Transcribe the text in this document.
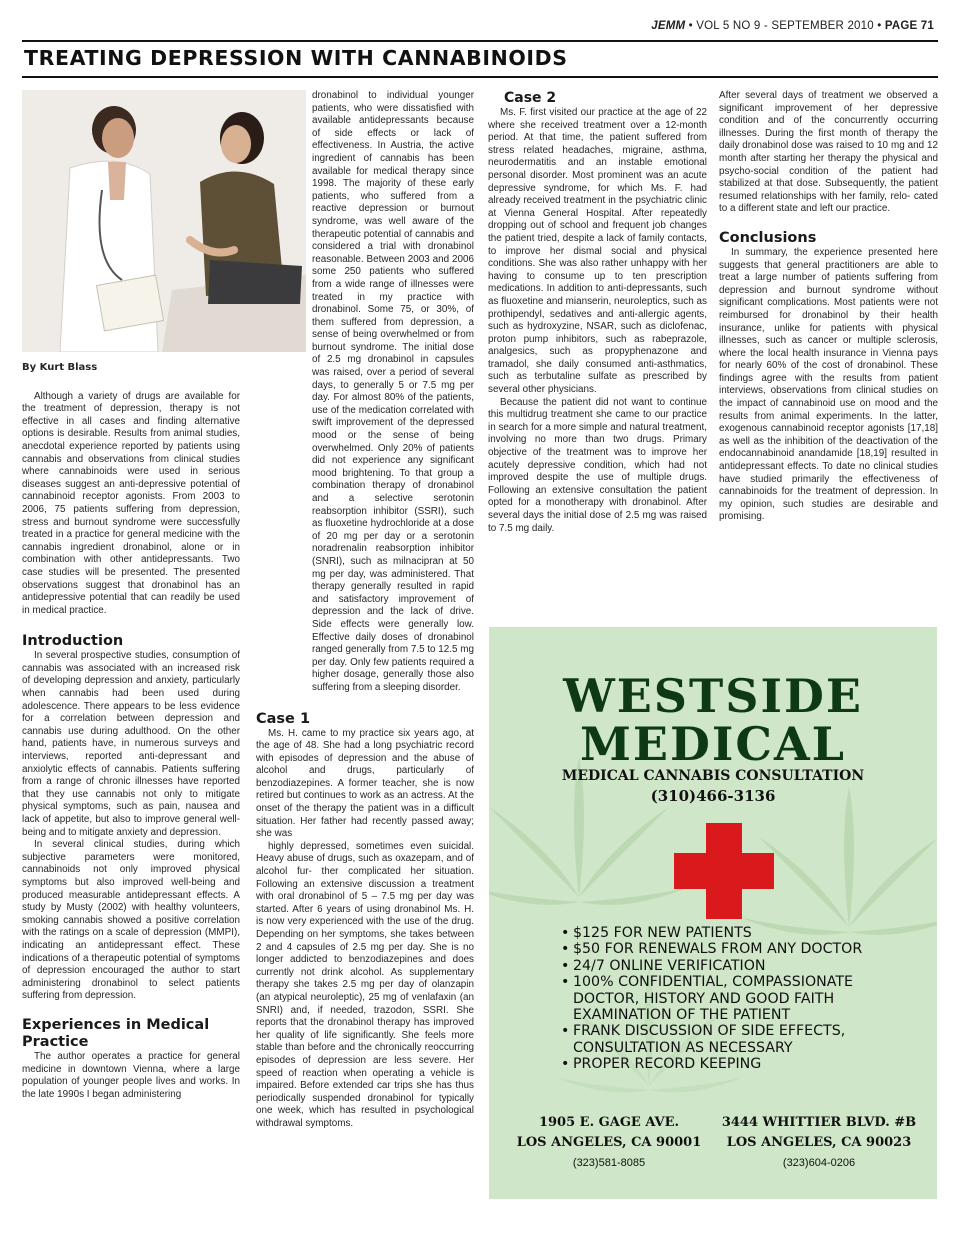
JEMM • VOL 5 NO 9 - SEPTEMBER 2010 • PAGE 71
TREATING DEPRESSION WITH CANNABINOIDS
By Kurt Blass

Although a variety of drugs are available for the treatment of depression, therapy is not effective in all cases and finding alternative options is desirable. Results from animal studies, anecdotal experience reported by patients using cannabis and observations from clinical studies where cannabinoids were used in serious diseases suggest an anti-depressive potential of cannabinoid receptor agonists. From 2003 to 2006, 75 patients suffering from depression, stress and burnout syndrome were successfully treated in a practice for general medicine with the cannabis ingredient dronabinol, alone or in combination with other antidepressants. Two case studies will be presented. The presented observations suggest that dronabinol has an antidepressive potential that can readily be used in medical practice.

Introduction

In several prospective studies, consumption of cannabis was associated with an increased risk of developing depression and anxiety, particularly when cannabis had been used during adolescence. There appears to be less evidence for a correlation between depression and cannabis use during adulthood. On the other hand, patients have, in numerous surveys and interviews, reported anti-depressant and anxiolytic effects of cannabis. Patients suffering from a range of chronic illnesses have reported that they use cannabis not only to mitigate physical symptoms, such as pain, nausea and lack of appetite, but also to improve general well-being and to mitigate anxiety and depression.

In several clinical studies, during which subjective parameters were monitored, cannabinoids not only improved physical symptoms but also improved well-being and produced measurable antidepressant effects. A study by Musty (2002) with healthy volunteers, smoking cannabis showed a positive correlation with the ratings on a scale of depression (MMPI), indicating an antidepressant effect. These indications of a therapeutic potential of symptoms of depression encouraged the author to start administering dronabinol to select patients suffering from depression.

Experiences in Medical Practice

The author operates a practice for general medicine in downtown Vienna, where a large population of younger people lives and works. In the late 1990s I began administering

dronabinol to individual younger patients, who were dissatisfied with available antidepressants because of side effects or lack of effectiveness. In Austria, the active ingredient of cannabis has been available for medical therapy since 1998. The majority of these early patients, who suffered from a reactive depression or burnout syndrome, was well aware of the therapeutic potential of cannabis and considered a trial with dronabinol reasonable. Between 2003 and 2006 some 250 patients who suffered from a wide range of illnesses were treated in my practice with dronabinol. Some 75, or 30%, of them suffered from depression, a sense of being overwhelmed or from burnout syndrome. The initial dose of 2.5 mg dronabinol in capsules was raised, over a period of several days, to generally 5 or 7.5 mg per day. For almost 80% of the patients, use of the medication correlated with swift improvement of the depressed mood or the sense of being overwhelmed. Only 20% of patients did not experience any significant mood brightening. To that group a combination therapy of dronabinol and a selective serotonin reabsorption inhibitor (SSRI), such as fluoxetine hydrochloride at a dose of 20 mg per day or a serotonin noradrenalin reabsorption inhibitor (SNRI), such as milnacipran at 50 mg per day, was administered. That therapy generally resulted in rapid and satisfactory improvement of depression and the lack of drive. Side effects were generally low. Effective daily doses of dronabinol ranged generally from 7.5 to 12.5 mg per day. Only few patients required a higher dosage, generally those also suffering from a sleeping disorder.

Case 1

Ms. H. came to my practice six years ago, at the age of 48. She had a long psychiatric record with episodes of depression and the abuse of alcohol and drugs, particularly of benzodiazepines. A former teacher, she is now retired but continues to work as an actress. At the onset of the therapy the patient was in a difficult situation. Her father had recently passed away; she was

highly depressed, sometimes even suicidal. Heavy abuse of drugs, such as oxazepam, and of alcohol fur- ther complicated her situation. Following an extensive discussion a treatment with oral dronabinol of 5 – 7.5 mg per day was started. After 6 years of using dronabinol Ms. H. is now very experienced with the use of the drug. Depending on her symptoms, she takes between 2 and 4 capsules of 2.5 mg per day. She is no longer addicted to benzodiazepines and does currently not drink alcohol. As supplementary therapy she takes 2.5 mg per day of olanzapin (an atypical neuroleptic), 25 mg of venlafaxin (an SNRI) and, if needed, trazodon, SSRI. She reports that the dronabinol therapy has improved her quality of life significantly. She feels more stable than before and the chronically reoccurring episodes of depression are less severe. Her speed of reaction when operating a vehicle is impaired. Before extended car trips she has thus periodically suspended dronabinol for typically one week, which has resulted in psychological withdrawal symptoms.

Case 2

Ms. F. first visited our practice at the age of 22 where she received treatment over a 12-month period. At that time, the patient suffered from stress related headaches, migraine, asthma, neurodermatitis and an instable emotional personal disorder. Most prominent was an acute depressive syndrome, for which Ms. F. had already received treatment in the psychiatric clinic at Vienna General Hospital. After repeatedly dropping out of school and frequent job changes the patient tried, despite a lack of family contacts, to improve her dismal social and physical conditions. She was also rather unhappy with her having to consume up to ten prescription medications. In addition to anti-depressants, such as fluoxetine and mianserin, neuroleptics, such as prothipendyl, sedatives and anti-allergic agents, such as hydroxyzine, NSAR, such as diclofenac, proton pump inhibitors, such as rabeprazole, analgesics, such as propyphenazone and tramadol, she daily consumed anti-asthmatics, such as terbutaline sulfate as prescribed by several other physicians.

Because the patient did not want to continue this multidrug treatment she came to our practice in search for a more simple and natural treatment, involving no more than two drugs. Primary objective of the treatment was to improve her acutely depressive condition, which had not improved despite the use of multiple drugs. Following an extensive consultation the patient opted for a monotherapy with dronabinol. After several days the initial dose of 2.5 mg was raised to 7.5 mg daily.

After several days of treatment we observed a significant improvement of her depressive condition and of the concurrently occurring illnesses. During the first month of therapy the daily dronabinol dose was raised to 10 mg and 12 month after starting her therapy the physical and psycho-social condition of the patient had stabilized at that dose. Subsequently, the patient resumed relationships with her family, relo- cated to a different state and left our practice.

Conclusions

In summary, the experience presented here suggests that general practitioners are able to treat a large number of patients suffering from depression and burnout syndrome without significant complications. Most patients were not reimbursed for dronabinol by their health insurance, unlike for patients with physical illnesses, such as cancer or multiple sclerosis, where the local health insurance in Vienna pays for nearly 60% of the cost of dronabinol. These findings agree with the results from patient interviews, observations from clinical studies on the impact of cannabinoid use on mood and the results from animal experiments. In the latter, exogenous cannabinoid receptor agonists [17,18] as well as the inhibition of the deactivation of the endocannabinoid anandamide [18,19] resulted in antidepressant effects. To date no clinical studies have studied primarily the effectiveness of cannabinoids for the treatment of depression. In my opinion, such studies are desirable and promising.

WESTSIDE
MEDICAL
MEDICAL CANNABIS CONSULTATION
(310)466-3136
• $125 FOR NEW PATIENTS
• $50 FOR RENEWALS FROM ANY DOCTOR
• 24/7 ONLINE VERIFICATION
• 100% CONFIDENTIAL, COMPASSIONATE DOCTOR, HISTORY AND GOOD FAITH EXAMINATION OF THE PATIENT
• FRANK DISCUSSION OF SIDE EFFECTS, CONSULTATION AS NECESSARY
• PROPER RECORD KEEPING
1905 E. GAGE AVE.
LOS ANGELES, CA 90001
(323)581-8085
3444 WHITTIER BLVD. #B
LOS ANGELES, CA 90023
(323)604-0206
